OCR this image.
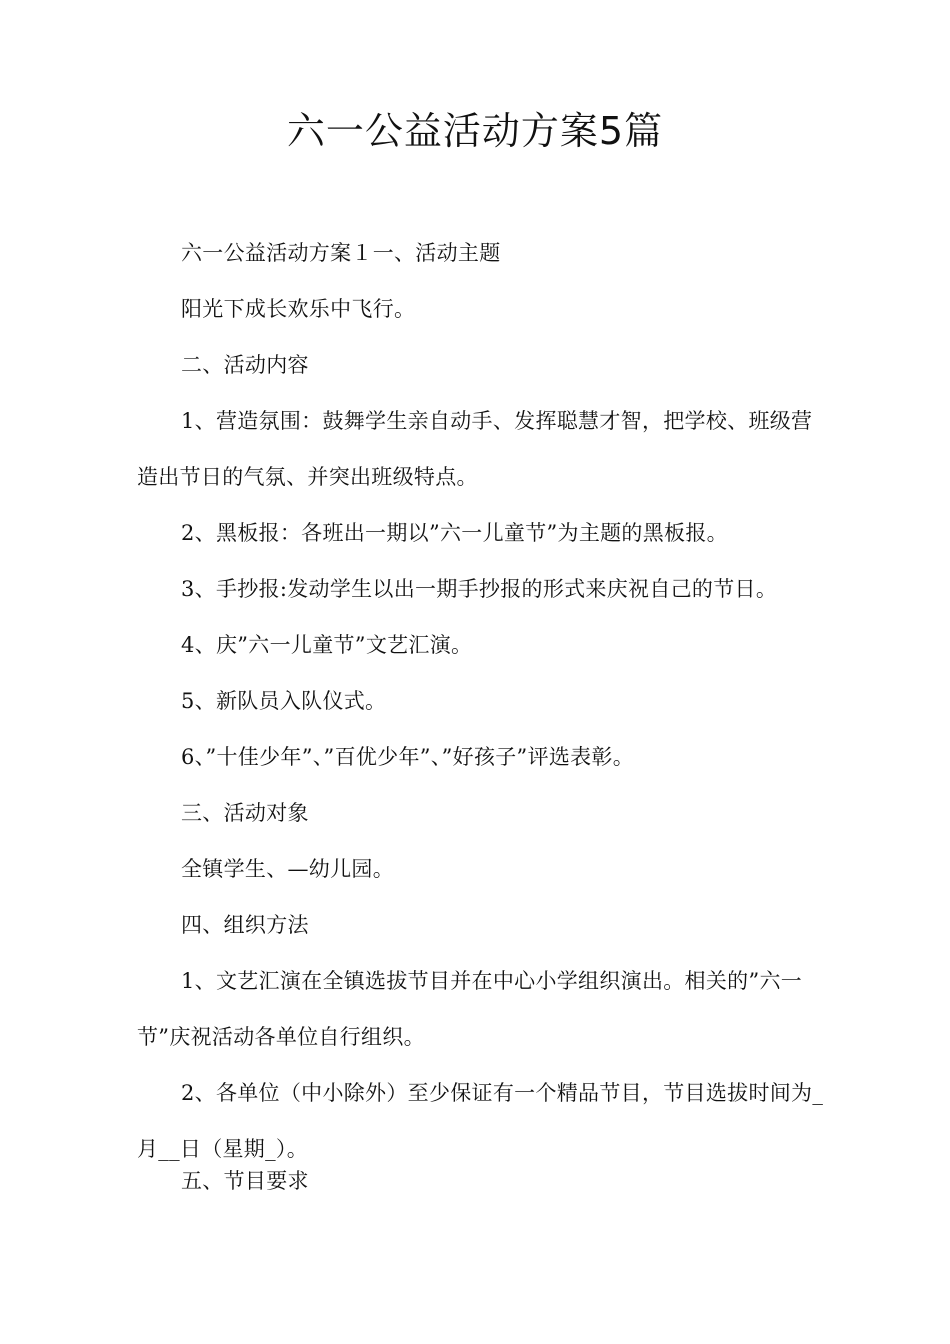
六一公益活动方案5篇

六一公益活动方案１一、活动主题

阳光下成长欢乐中飞行。

二、活动内容

1、营造氛围：鼓舞学生亲自动手、发挥聪慧才智，把学校、班级营造出节日的气氛、并突出班级特点。

2、黑板报：各班出一期以”六一儿童节”为主题的黑板报。

3、手抄报:发动学生以出一期手抄报的形式来庆祝自己的节日。

4、庆”六一儿童节”文艺汇演。

5、新队员入队仪式。

6、”十佳少年”、”百优少年”、”好孩子”评选表彰。

三、活动对象

全镇学生、—幼儿园。

四、组织方法

1、文艺汇演在全镇选拔节目并在中心小学组织演出。相关的”六一节”庆祝活动各单位自行组织。

2、各单位（中小除外）至少保证有一个精品节目，节目选拔时间为_月__日（星期_）。

五、节目要求
